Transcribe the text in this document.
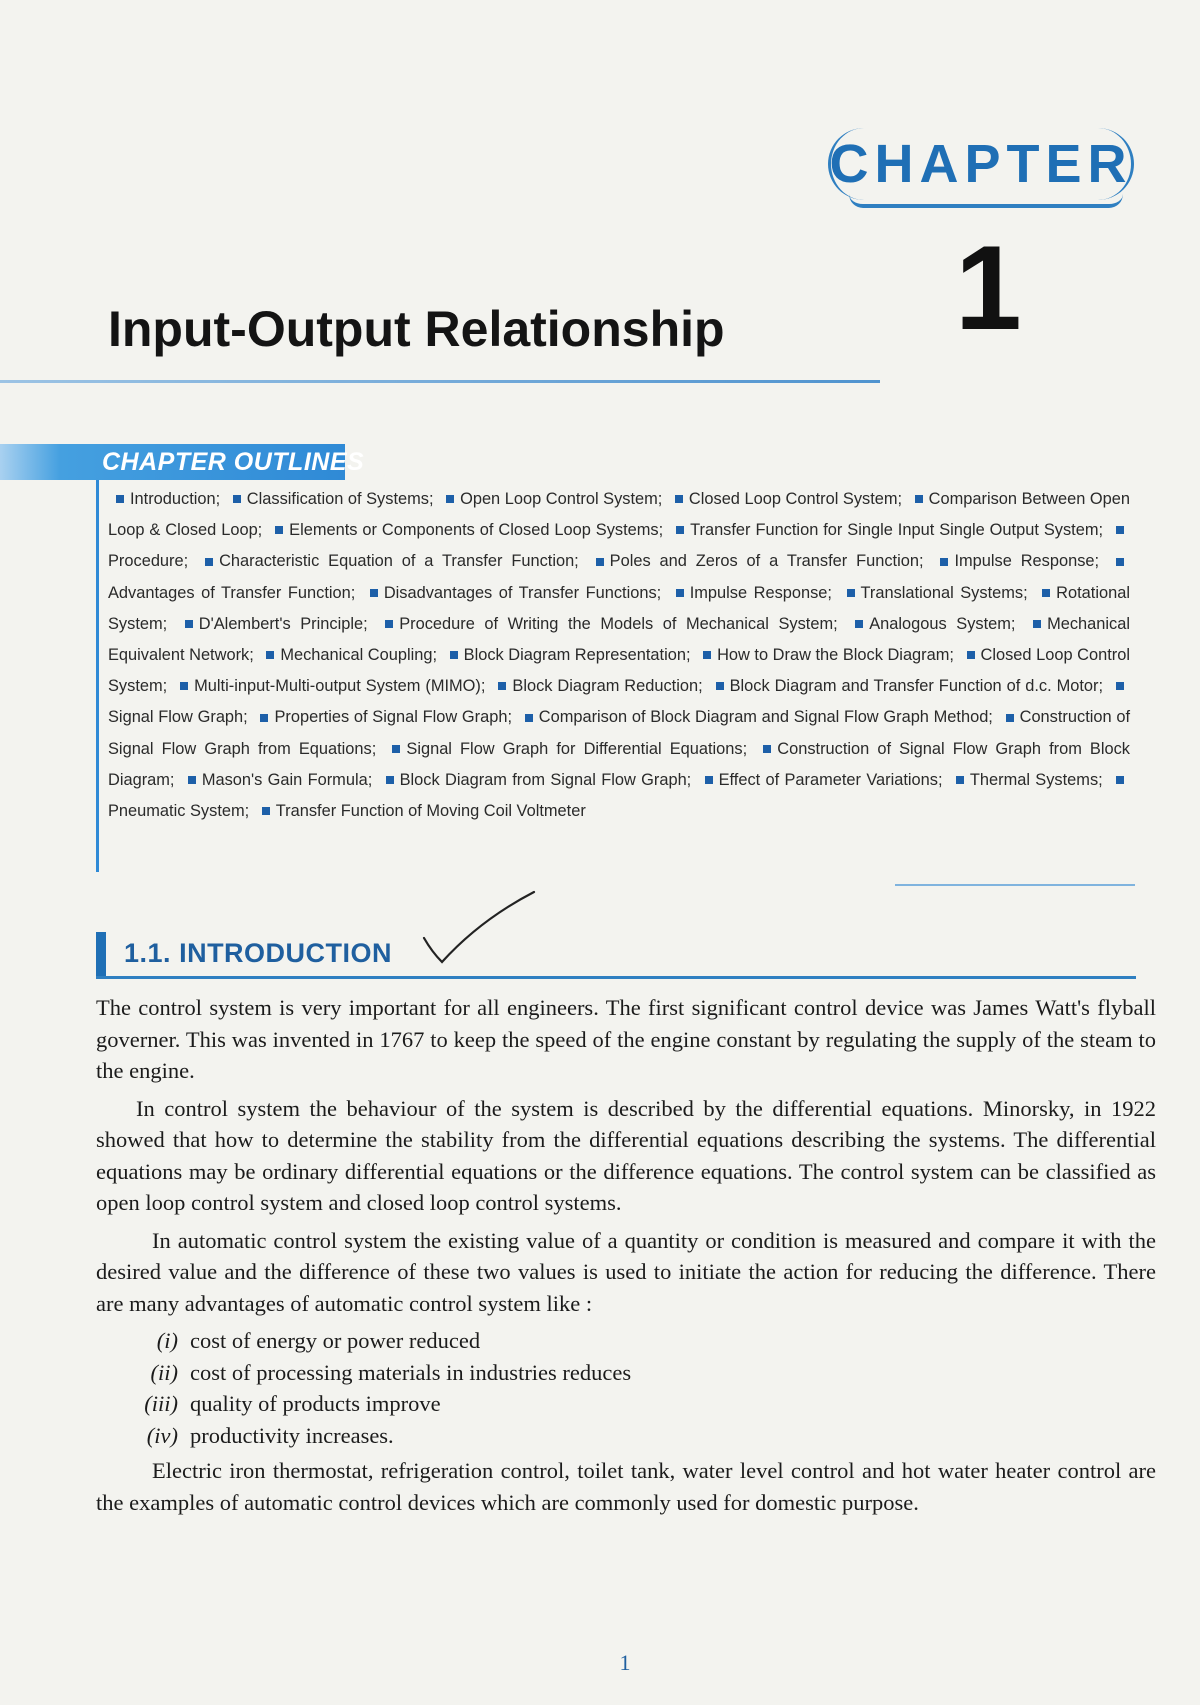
CHAPTER
1
Input-Output Relationship
CHAPTER OUTLINES
Introduction; Classification of Systems; Open Loop Control System; Closed Loop Control System; Comparison Between Open Loop & Closed Loop; Elements or Components of Closed Loop Systems; Transfer Function for Single Input Single Output System; Procedure; Characteristic Equation of a Transfer Function; Poles and Zeros of a Transfer Function; Impulse Response; Advantages of Transfer Function; Disadvantages of Transfer Functions; Impulse Response; Translational Systems; Rotational System; D'Alembert's Principle; Procedure of Writing the Models of Mechanical System; Analogous System; Mechanical Equivalent Network; Mechanical Coupling; Block Diagram Representation; How to Draw the Block Diagram; Closed Loop Control System; Multi-input-Multi-output System (MIMO); Block Diagram Reduction; Block Diagram and Transfer Function of d.c. Motor; Signal Flow Graph; Properties of Signal Flow Graph; Comparison of Block Diagram and Signal Flow Graph Method; Construction of Signal Flow Graph from Equations; Signal Flow Graph for Differential Equations; Construction of Signal Flow Graph from Block Diagram; Mason's Gain Formula; Block Diagram from Signal Flow Graph; Effect of Parameter Variations; Thermal Systems; Pneumatic System; Transfer Function of Moving Coil Voltmeter
1.1. INTRODUCTION

The control system is very important for all engineers. The first significant control device was James Watt's flyball governer. This was invented in 1767 to keep the speed of the engine constant by regulating the supply of the steam to the engine.

In control system the behaviour of the system is described by the differential equations. Minorsky, in 1922 showed that how to determine the stability from the differential equations describing the systems. The differential equations may be ordinary differential equations or the difference equations. The control system can be classified as open loop control system and closed loop control systems.

In automatic control system the existing value of a quantity or condition is measured and compare it with the desired value and the difference of these two values is used to initiate the action for reducing the difference. There are many advantages of automatic control system like :

(i) cost of energy or power reduced
(ii) cost of processing materials in industries reduces
(iii) quality of products improve
(iv) productivity increases.

Electric iron thermostat, refrigeration control, toilet tank, water level control and hot water heater control are the examples of automatic control devices which are commonly used for domestic purpose.

1
